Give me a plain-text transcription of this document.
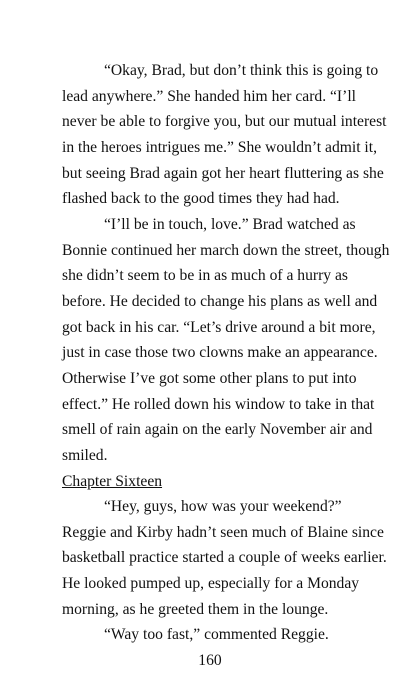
“Okay, Brad, but don’t think this is going to
lead anywhere.” She handed him her card. “I’ll
never be able to forgive you, but our mutual interest
in the heroes intrigues me.” She wouldn’t admit it,
but seeing Brad again got her heart fluttering as she
flashed back to the good times they had had.
“I’ll be in touch, love.” Brad watched as
Bonnie continued her march down the street, though
she didn’t seem to be in as much of a hurry as
before. He decided to change his plans as well and
got back in his car. “Let’s drive around a bit more,
just in case those two clowns make an appearance.
Otherwise I’ve got some other plans to put into
effect.” He rolled down his window to take in that
smell of rain again on the early November air and
smiled.
Chapter Sixteen
“Hey, guys, how was your weekend?”
Reggie and Kirby hadn’t seen much of Blaine since
basketball practice started a couple of weeks earlier.
He looked pumped up, especially for a Monday
morning, as he greeted them in the lounge.
“Way too fast,” commented Reggie.
160
